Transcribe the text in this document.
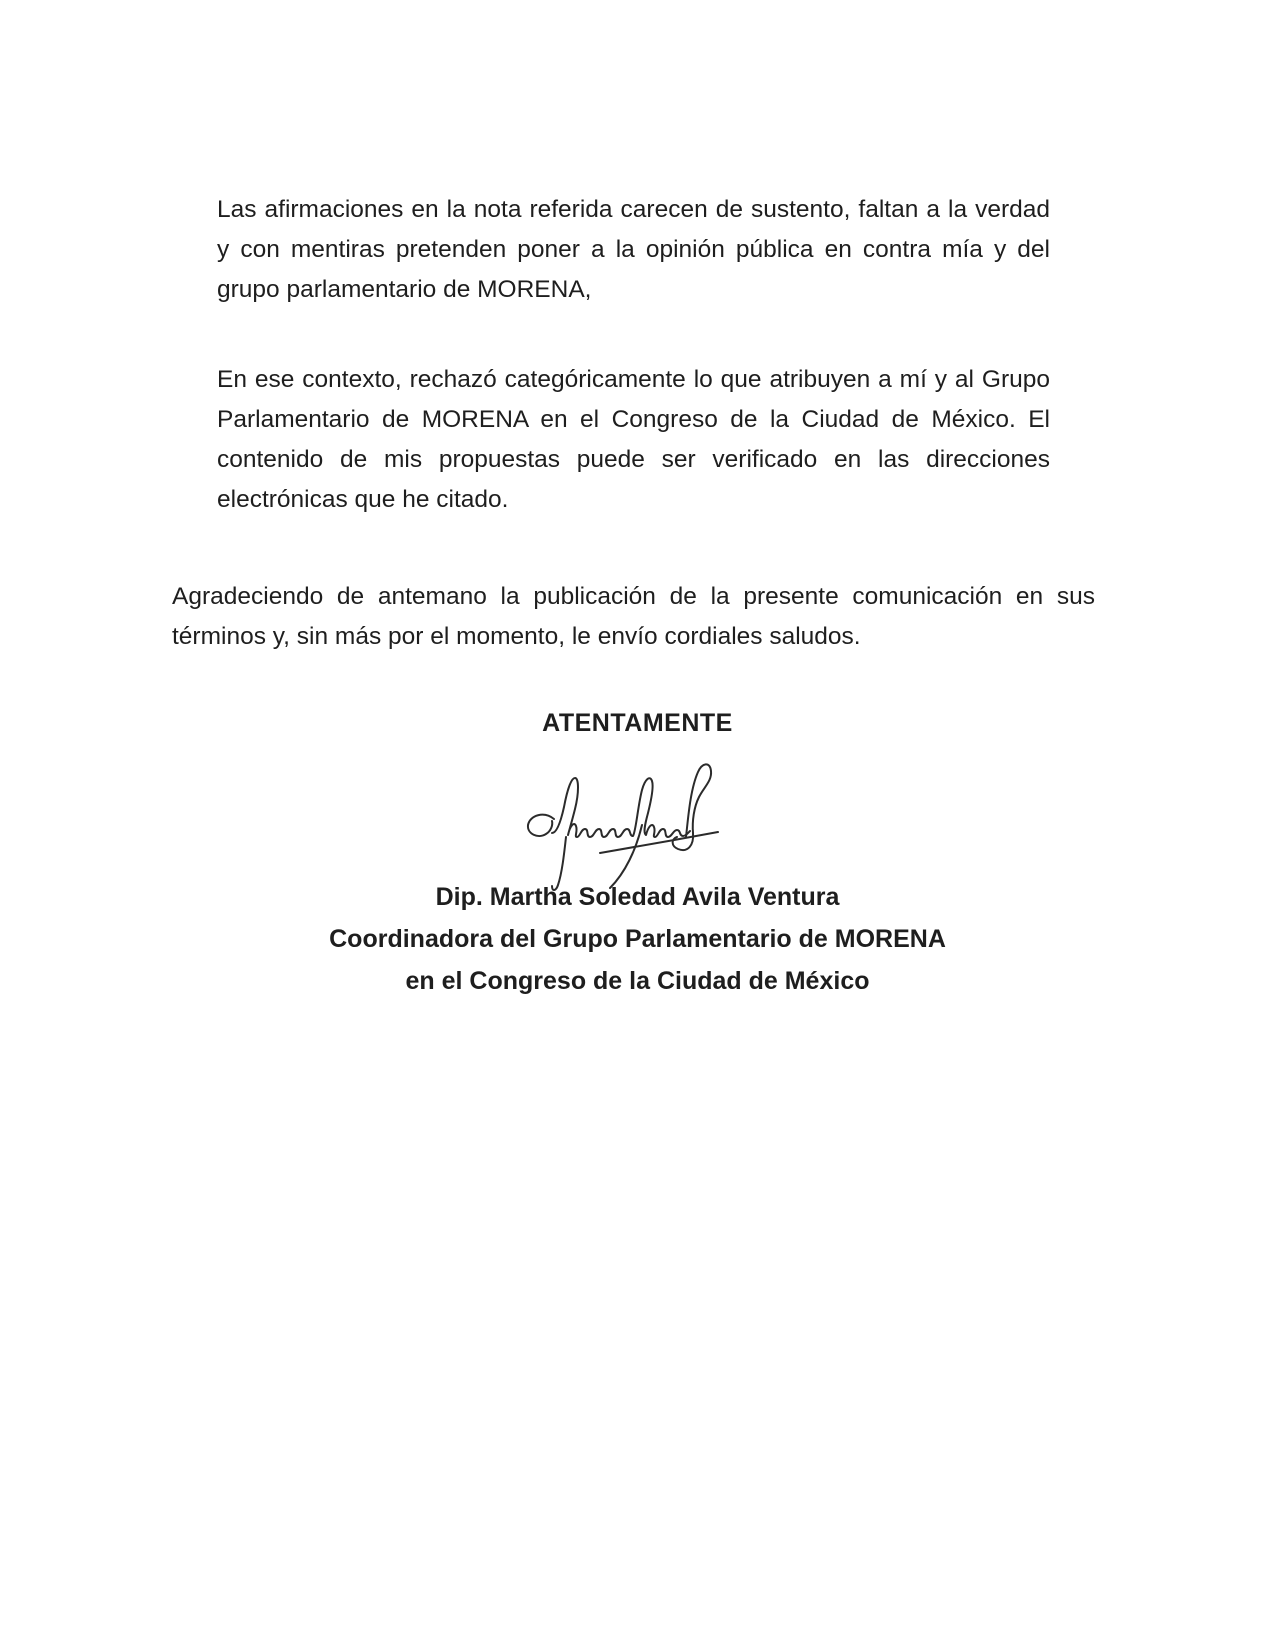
Las afirmaciones en la nota referida carecen de sustento, faltan a la verdad
y con mentiras pretenden poner a la opinión pública en contra mía y del
grupo parlamentario de MORENA,
En ese contexto, rechazó categóricamente lo que atribuyen a mí y al Grupo
Parlamentario de MORENA en el Congreso de la Ciudad de México. El
contenido de mis propuestas puede ser verificado en las direcciones
electrónicas que he citado.
Agradeciendo de antemano la publicación de la presente comunicación en sus
términos y, sin más por el momento, le envío cordiales saludos.
ATENTAMENTE
Dip. Martha Soledad Avila Ventura
Coordinadora del Grupo Parlamentario de MORENA
en el Congreso de la Ciudad de México
